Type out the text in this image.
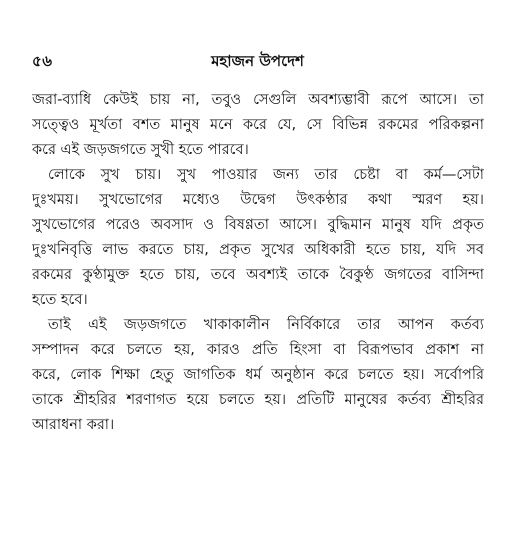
৫৬	মহাজন উপদেশ
জরা-ব্যাধি কেউই চায় না, তবুও সেগুলি অবশ্যম্ভাবী রূপে আসে। তা
সত্ত্বেও মূর্খতা বশত মানুষ মনে করে যে, সে বিভিন্ন রকমের পরিকল্পনা
করে এই জড়জগতে সুখী হতে পারবে।
লোকে সুখ চায়। সুখ পাওয়ার জন্য তার চেষ্টা বা কর্ম—সেটা
দুঃখময়। সুখভোগের মধ্যেও উদ্বেগ উৎকণ্ঠার কথা স্মরণ হয়।
সুখভোগের পরেও অবসাদ ও বিষণ্ণতা আসে। বুদ্ধিমান মানুষ যদি প্রকৃত
দুঃখনিবৃত্তি লাভ করতে চায়, প্রকৃত সুখের অধিকারী হতে চায়, যদি সব
রকমের কুণ্ঠামুক্ত হতে চায়, তবে অবশ্যই তাকে বৈকুণ্ঠ জগতের বাসিন্দা
হতে হবে।
তাই এই জড়জগতে খাকাকালীন নির্বিকারে তার আপন কর্তব্য
সম্পাদন করে চলতে হয়, কারও প্রতি হিংসা বা বিরূপভাব প্রকাশ না
করে, লোক শিক্ষা হেতু জাগতিক ধর্ম অনুষ্ঠান করে চলতে হয়। সর্বোপরি
তাকে শ্রীহরির শরণাগত হয়ে চলতে হয়। প্রতিটি মানুষের কর্তব্য শ্রীহরির
আরাধনা করা।
